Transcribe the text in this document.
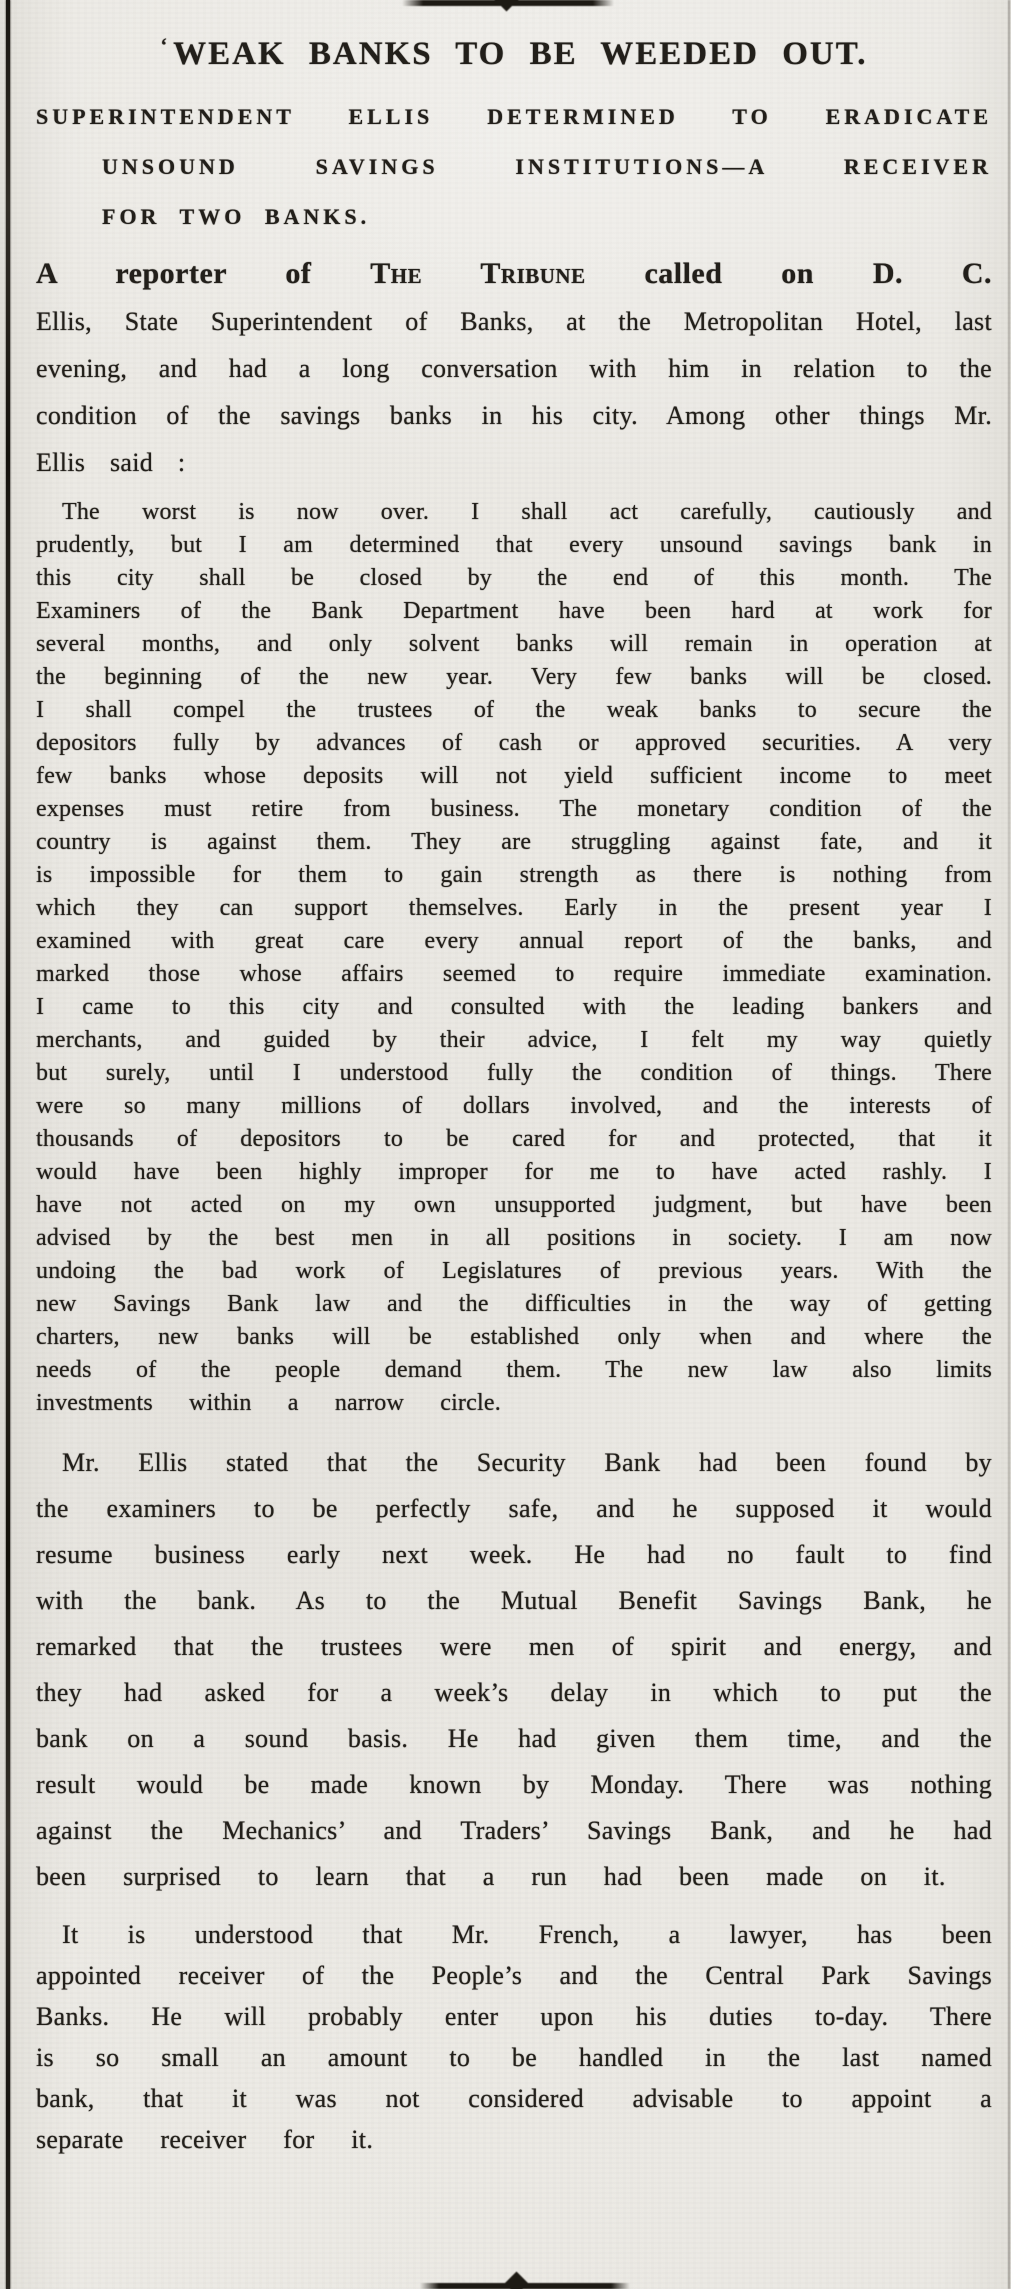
‘ WEAK BANKS TO BE WEEDED OUT.
SUPERINTENDENT ELLIS DETERMINED TO ERADICATE
UNSOUND SAVINGS INSTITUTIONS—A RECEIVER
FOR TWO BANKS.

A reporter of The Tribune called on D. C.

Ellis, State Superintendent of Banks, at the Metropolitan Hotel, last evening, and had a long conversation with him in relation to the condition of the savings banks in his city. Among other things Mr. Ellis said :

The worst is now over. I shall act carefully, cautiously and prudently, but I am determined that every unsound savings bank in this city shall be closed by the end of this month. The Examiners of the Bank Department have been hard at work for several months, and only solvent banks will remain in operation at the beginning of the new year. Very few banks will be closed. I shall compel the trustees of the weak banks to secure the depositors fully by advances of cash or approved securities. A very few banks whose deposits will not yield sufficient income to meet expenses must retire from business. The monetary condition of the country is against them. They are struggling against fate, and it is impossible for them to gain strength as there is nothing from which they can support themselves. Early in the present year I examined with great care every annual report of the banks, and marked those whose affairs seemed to require immediate examination. I came to this city and consulted with the leading bankers and merchants, and guided by their advice, I felt my way quietly but surely, until I understood fully the condition of things. There were so many millions of dollars involved, and the interests of thousands of depositors to be cared for and protected, that it would have been highly improper for me to have acted rashly. I have not acted on my own unsupported judgment, but have been advised by the best men in all positions in society. I am now undoing the bad work of Legislatures of previous years. With the new Savings Bank law and the difficulties in the way of getting charters, new banks will be established only when and where the needs of the people demand them. The new law also limits investments within a narrow circle.

Mr. Ellis stated that the Security Bank had been found by the examiners to be perfectly safe, and he supposed it would resume business early next week. He had no fault to find with the bank. As to the Mutual Benefit Savings Bank, he remarked that the trustees were men of spirit and energy, and they had asked for a week’s delay in which to put the bank on a sound basis. He had given them time, and the result would be made known by Monday. There was nothing against the Mechanics’ and Traders’ Savings Bank, and he had been surprised to learn that a run had been made on it.

It is understood that Mr. French, a lawyer, has been appointed receiver of the People’s and the Central Park Savings Banks. He will probably enter upon his duties to-day. There is so small an amount to be handled in the last named bank, that it was not considered advisable to appoint a separate receiver for it.
